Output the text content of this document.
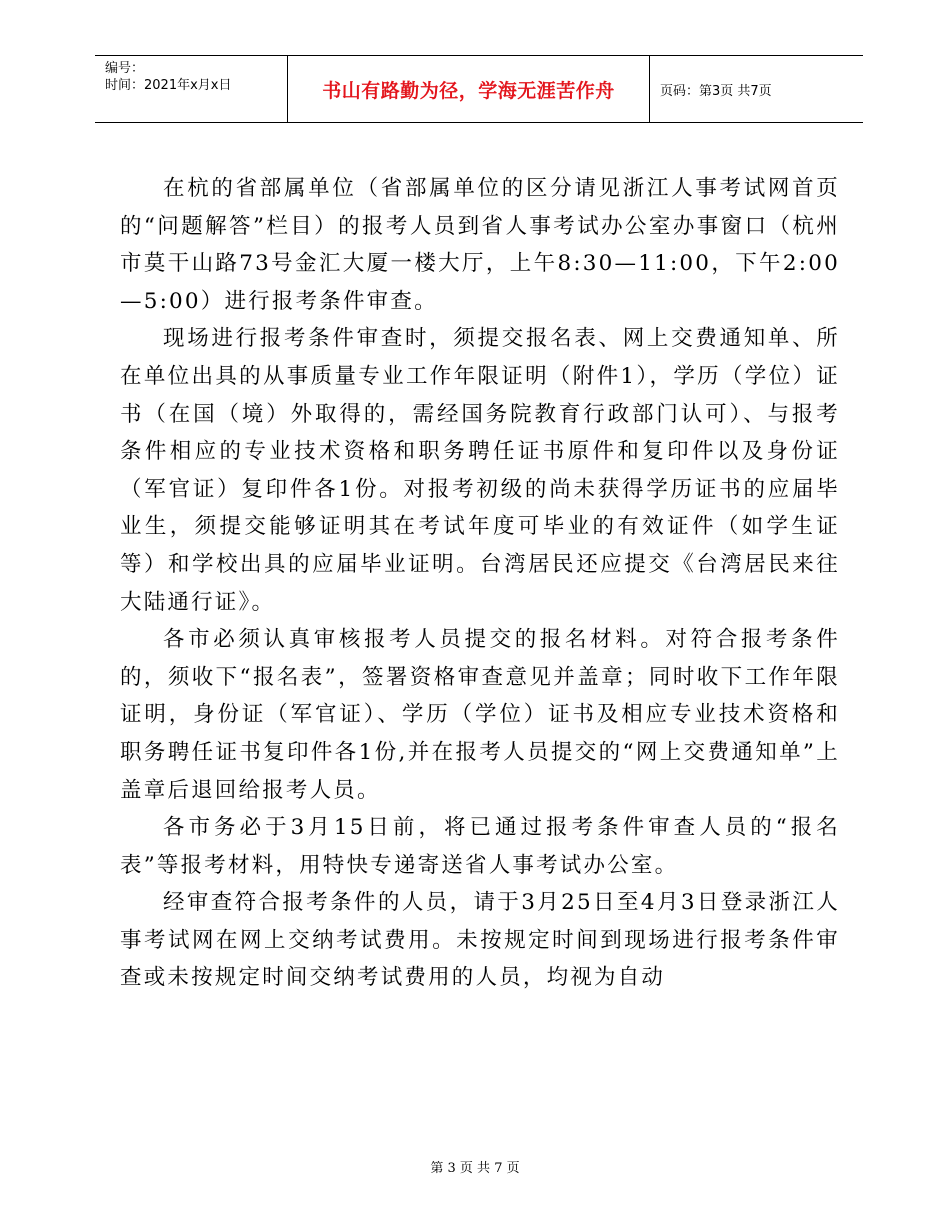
编号：
时间：2021年x月x日	书山有路勤为径，学海无涯苦作舟	页码：第3页 共7页

在杭的省部属单位（省部属单位的区分请见浙江人事考试网首页的“问题解答”栏目）的报考人员到省人事考试办公室办事窗口（杭州市莫干山路73号金汇大厦一楼大厅，上午8:30—11:00，下午2:00—5:00）进行报考条件审查。

现场进行报考条件审查时，须提交报名表、网上交费通知单、所在单位出具的从事质量专业工作年限证明（附件1），学历（学位）证书（在国（境）外取得的，需经国务院教育行政部门认可）、与报考条件相应的专业技术资格和职务聘任证书原件和复印件以及身份证（军官证）复印件各1份。对报考初级的尚未获得学历证书的应届毕业生，须提交能够证明其在考试年度可毕业的有效证件（如学生证等）和学校出具的应届毕业证明。台湾居民还应提交《台湾居民来往大陆通行证》。

各市必须认真审核报考人员提交的报名材料。对符合报考条件的，须收下“报名表”，签署资格审查意见并盖章；同时收下工作年限证明，身份证（军官证）、学历（学位）证书及相应专业技术资格和职务聘任证书复印件各1份,并在报考人员提交的“网上交费通知单”上盖章后退回给报考人员。

各市务必于3月15日前，将已通过报考条件审查人员的“报名表”等报考材料，用特快专递寄送省人事考试办公室。

经审查符合报考条件的人员，请于3月25日至4月3日登录浙江人事考试网在网上交纳考试费用。未按规定时间到现场进行报考条件审查或未按规定时间交纳考试费用的人员，均视为自动

第 3 页 共 7 页
